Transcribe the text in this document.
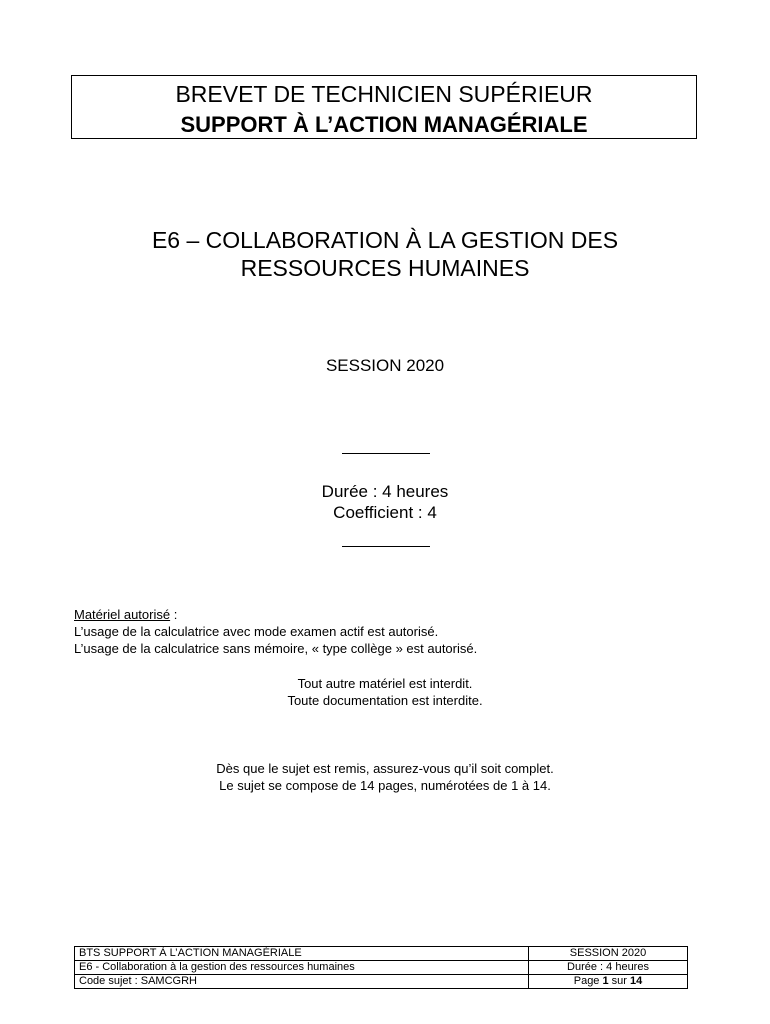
BREVET DE TECHNICIEN SUPÉRIEUR
SUPPORT À L’ACTION MANAGÉRIALE
E6 – COLLABORATION À LA GESTION DES
RESSOURCES HUMAINES
SESSION 2020
Durée : 4 heures
Coefficient : 4
Matériel autorisé :
L’usage de la calculatrice avec mode examen actif est autorisé.
L’usage de la calculatrice sans mémoire, « type collège » est autorisé.
Tout autre matériel est interdit.
Toute documentation est interdite.
Dès que le sujet est remis, assurez-vous qu’il soit complet.
Le sujet se compose de 14 pages, numérotées de 1 à 14.
BTS SUPPORT À L’ACTION MANAGÉRIALE	SESSION 2020
E6 - Collaboration à la gestion des ressources humaines	Durée : 4 heures
Code sujet : SAMCGRH	Page 1 sur 14
